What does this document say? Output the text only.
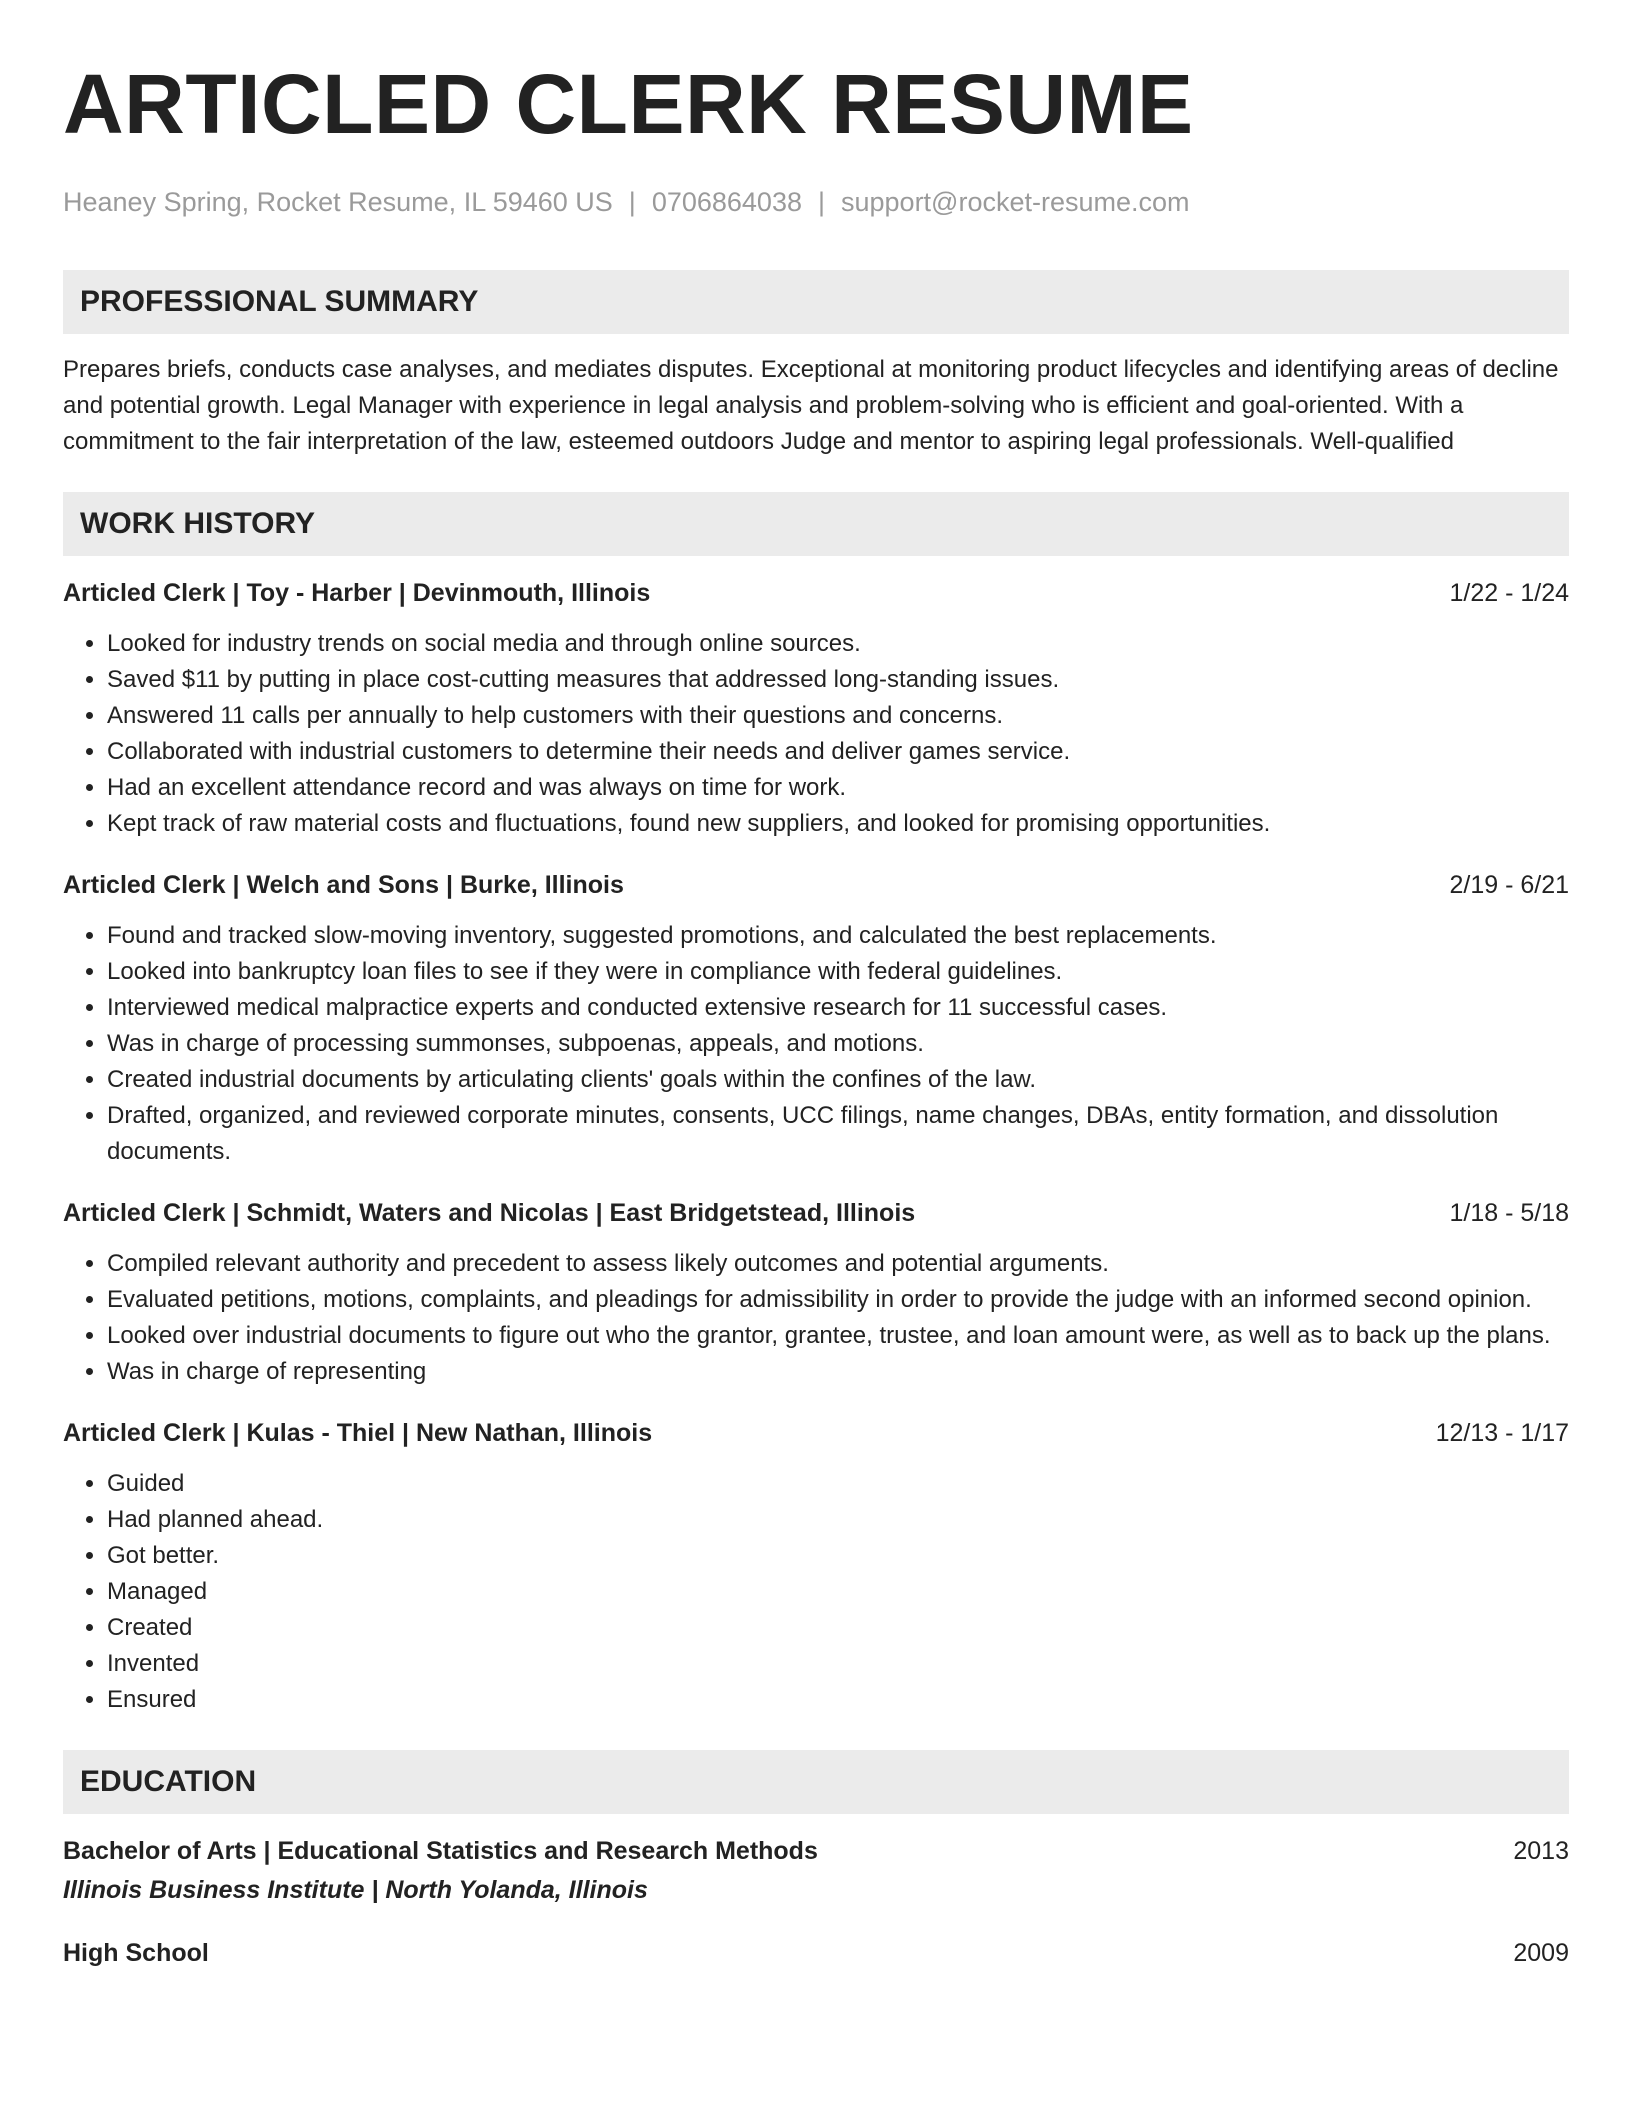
ARTICLED CLERK RESUME
Heaney Spring, Rocket Resume, IL 59460 US | 0706864038 | support@rocket-resume.com
PROFESSIONAL SUMMARY
Prepares briefs, conducts case analyses, and mediates disputes. Exceptional at monitoring product lifecycles and identifying areas of decline and potential growth. Legal Manager with experience in legal analysis and problem-solving who is efficient and goal-oriented. With a commitment to the fair interpretation of the law, esteemed outdoors Judge and mentor to aspiring legal professionals. Well-qualified
WORK HISTORY
Articled Clerk | Toy - Harber | Devinmouth, Illinois	1/22 - 1/24
• Looked for industry trends on social media and through online sources.
• Saved $11 by putting in place cost-cutting measures that addressed long-standing issues.
• Answered 11 calls per annually to help customers with their questions and concerns.
• Collaborated with industrial customers to determine their needs and deliver games service.
• Had an excellent attendance record and was always on time for work.
• Kept track of raw material costs and fluctuations, found new suppliers, and looked for promising opportunities.
Articled Clerk | Welch and Sons | Burke, Illinois	2/19 - 6/21
• Found and tracked slow-moving inventory, suggested promotions, and calculated the best replacements.
• Looked into bankruptcy loan files to see if they were in compliance with federal guidelines.
• Interviewed medical malpractice experts and conducted extensive research for 11 successful cases.
• Was in charge of processing summonses, subpoenas, appeals, and motions.
• Created industrial documents by articulating clients' goals within the confines of the law.
• Drafted, organized, and reviewed corporate minutes, consents, UCC filings, name changes, DBAs, entity formation, and dissolution documents.
Articled Clerk | Schmidt, Waters and Nicolas | East Bridgetstead, Illinois	1/18 - 5/18
• Compiled relevant authority and precedent to assess likely outcomes and potential arguments.
• Evaluated petitions, motions, complaints, and pleadings for admissibility in order to provide the judge with an informed second opinion.
• Looked over industrial documents to figure out who the grantor, grantee, trustee, and loan amount were, as well as to back up the plans.
• Was in charge of representing
Articled Clerk | Kulas - Thiel | New Nathan, Illinois	12/13 - 1/17
• Guided
• Had planned ahead.
• Got better.
• Managed
• Created
• Invented
• Ensured
EDUCATION
Bachelor of Arts | Educational Statistics and Research Methods	2013
Illinois Business Institute | North Yolanda, Illinois
High School	2009
